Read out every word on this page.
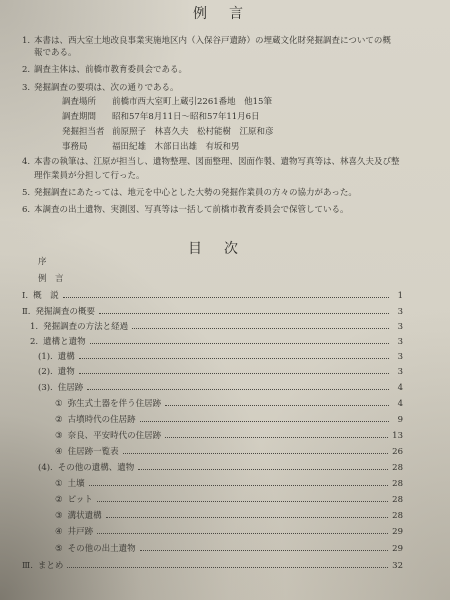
例　言
1. 本書は、西大室土地改良事業実施地区内（入保谷戸遺跡）の埋蔵文化財発掘調査についての概
報である。
2. 調査主体は、前橋市教育委員会である。
3. 発掘調査の要項は、次の通りである。
調査場所 前橋市西大室町上蔵引2261番地　他15筆
調査期間 昭和57年8月11日～昭和57年11月6日
発掘担当者 前原照子　林喜久夫　松村能樹　江原和彦
事務局	福田紀雄　木部日出雄　有坂和男
4. 本書の執筆は、江原が担当し、遺物整理、図面整理、図面作製、遺物写真等は、林喜久夫及び整
理作業員が分担して行った。
5. 発掘調査にあたっては、地元を中心とした大勢の発掘作業員の方々の協力があった。
6. 本調査の出土遺物、実測図、写真等は一括して前橋市教育委員会で保管している。
目　次
序
例　言
Ⅰ. 概　説	1
Ⅱ. 発掘調査の概要	3
1. 発掘調査の方法と経過	3
2. 遺構と遺物	3
(1). 遺構	3
(2). 遺物	3
(3). 住居跡	4
① 弥生式土器を伴う住居跡	4
② 古墳時代の住居跡	9
③ 奈良、平安時代の住居跡	13
④ 住居跡一覧表	26
(4). その他の遺構、遺物	28
① 土壙	28
② ピット	28
③ 溝状遺構	28
④ 井戸跡	29
⑤ その他の出土遺物	29
Ⅲ. まとめ	32
